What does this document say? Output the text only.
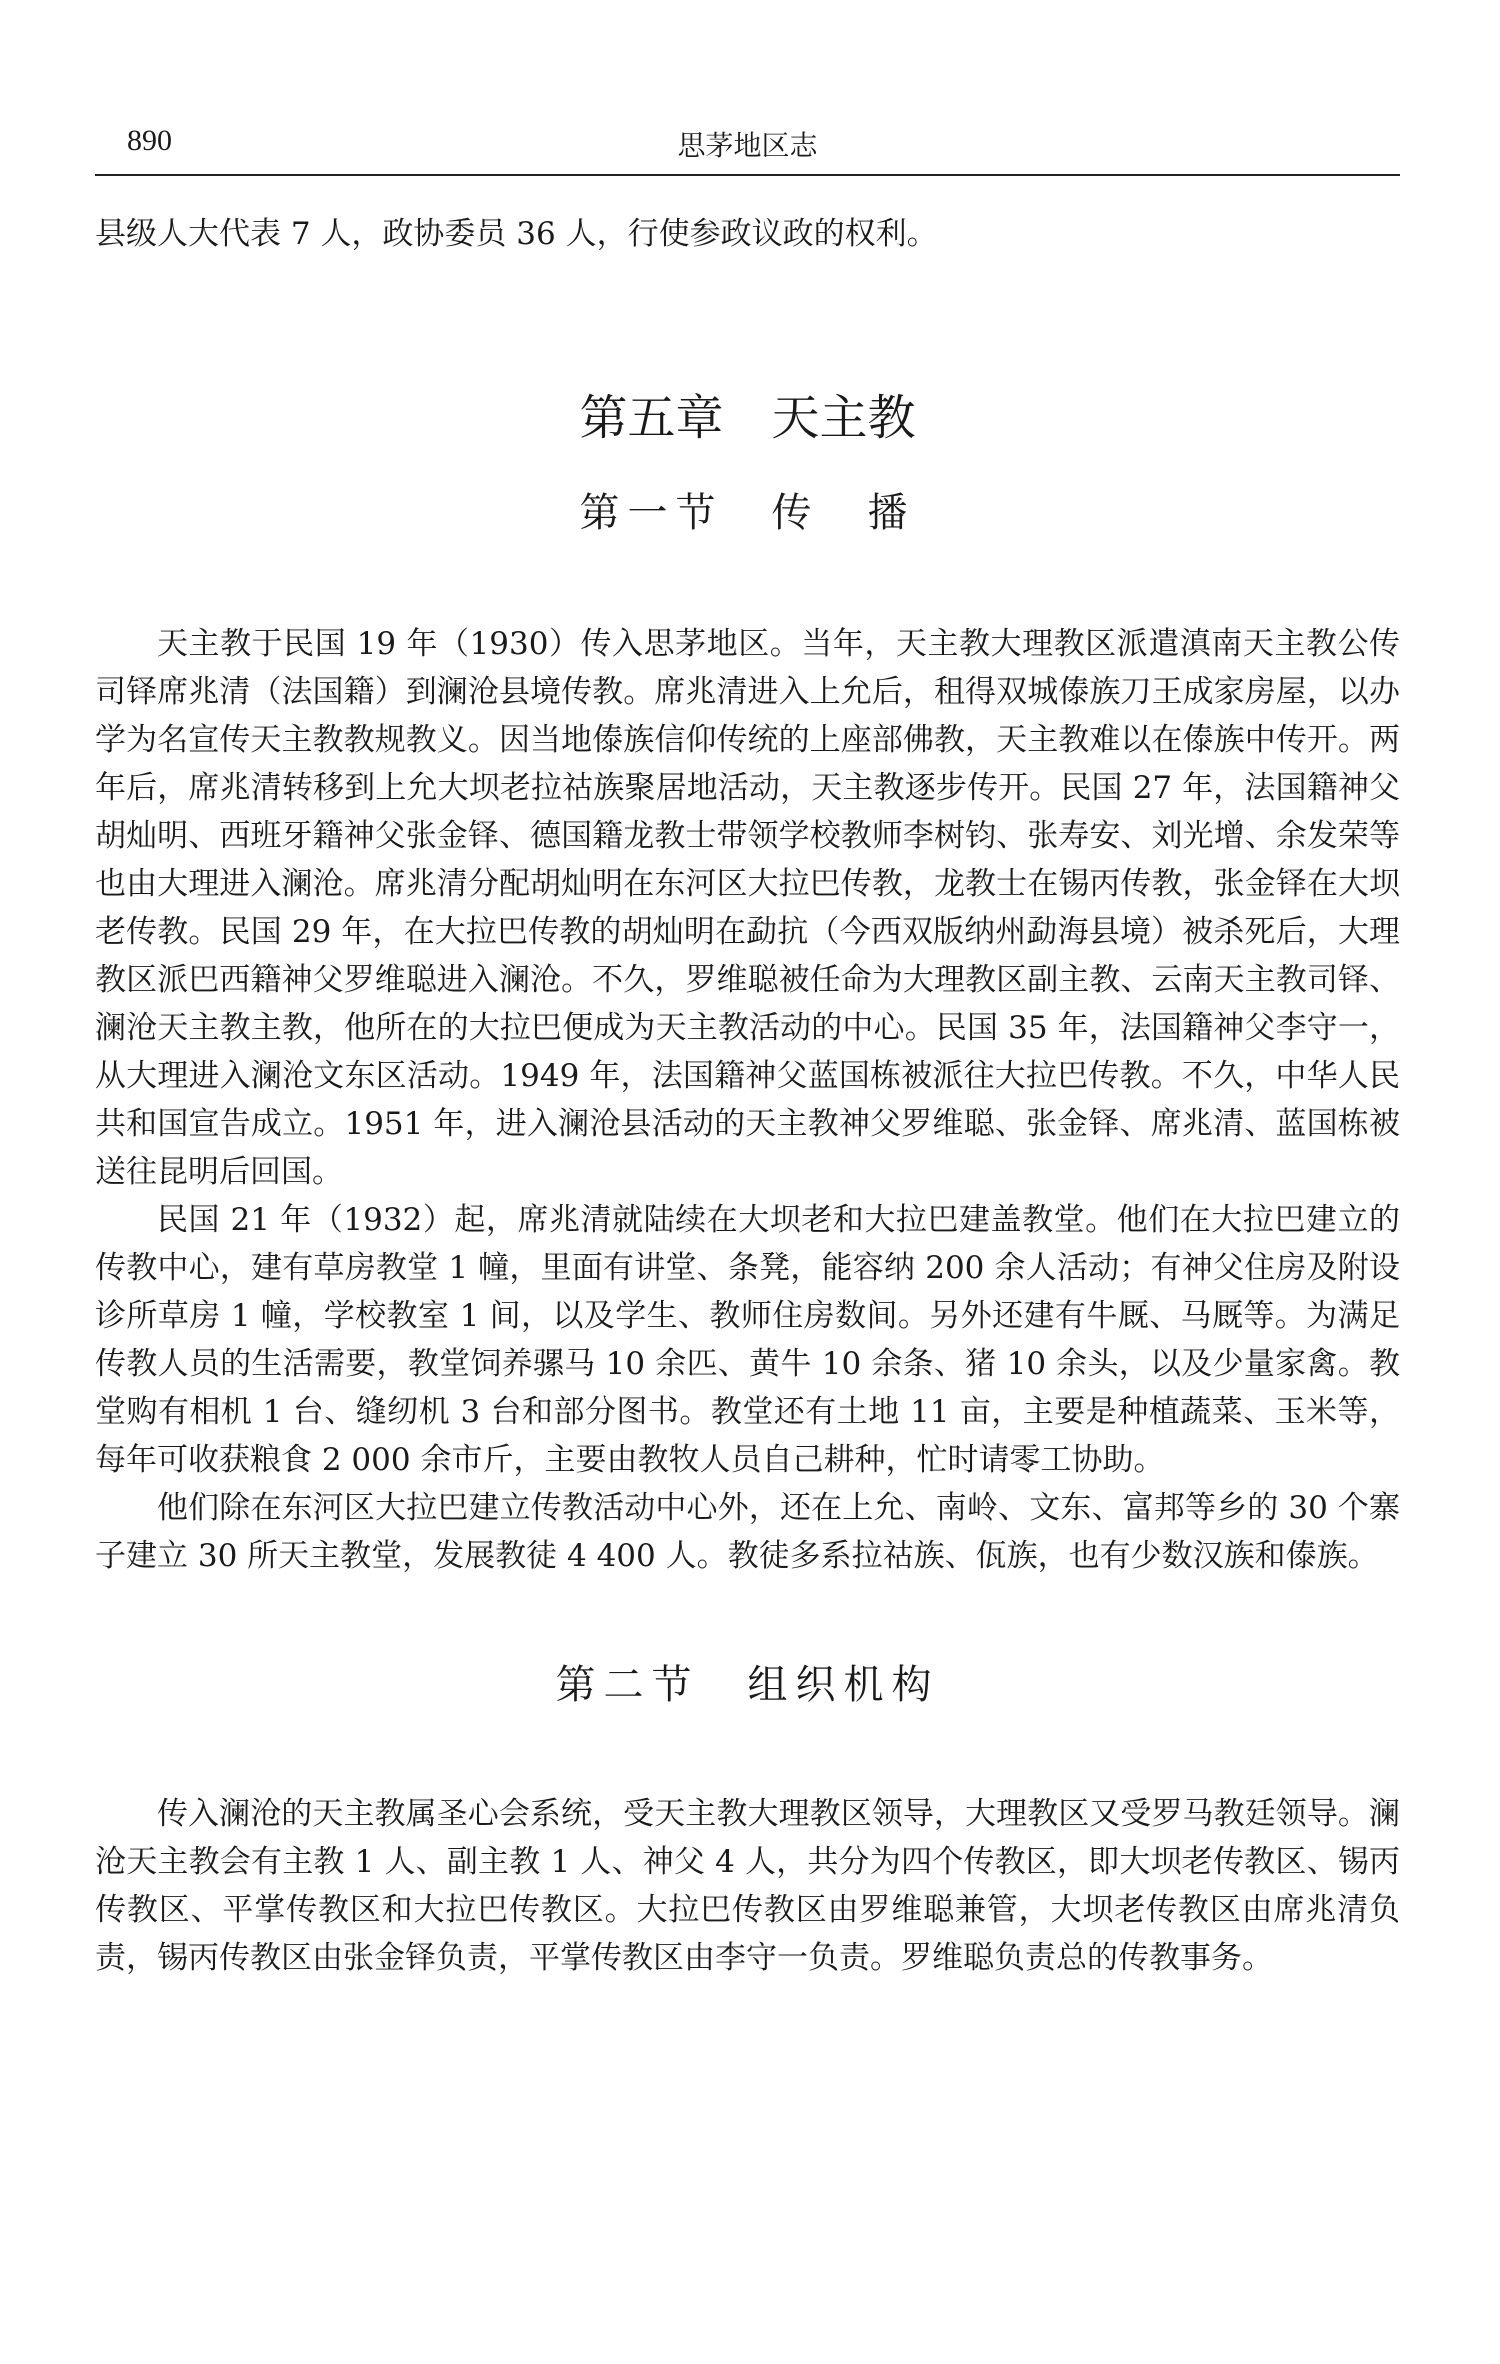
890	思茅地区志

县级人大代表 7 人，政协委员 36 人，行使参政议政的权利。

第五章　天主教
第一节　传　播

天主教于民国 19 年（1930）传入思茅地区。当年，天主教大理教区派遣滇南天主教公传司铎席兆清（法国籍）到澜沧县境传教。席兆清进入上允后，租得双城傣族刀王成家房屋，以办学为名宣传天主教教规教义。因当地傣族信仰传统的上座部佛教，天主教难以在傣族中传开。两年后，席兆清转移到上允大坝老拉祜族聚居地活动，天主教逐步传开。民国 27 年，法国籍神父胡灿明、西班牙籍神父张金铎、德国籍龙教士带领学校教师李树钧、张寿安、刘光增、余发荣等也由大理进入澜沧。席兆清分配胡灿明在东河区大拉巴传教，龙教士在锡丙传教，张金铎在大坝老传教。民国 29 年，在大拉巴传教的胡灿明在勐抗（今西双版纳州勐海县境）被杀死后，大理教区派巴西籍神父罗维聪进入澜沧。不久，罗维聪被任命为大理教区副主教、云南天主教司铎、澜沧天主教主教，他所在的大拉巴便成为天主教活动的中心。民国 35 年，法国籍神父李守一，从大理进入澜沧文东区活动。1949 年，法国籍神父蓝国栋被派往大拉巴传教。不久，中华人民共和国宣告成立。1951 年，进入澜沧县活动的天主教神父罗维聪、张金铎、席兆清、蓝国栋被送往昆明后回国。

民国 21 年（1932）起，席兆清就陆续在大坝老和大拉巴建盖教堂。他们在大拉巴建立的传教中心，建有草房教堂 1 幢，里面有讲堂、条凳，能容纳 200 余人活动；有神父住房及附设诊所草房 1 幢，学校教室 1 间，以及学生、教师住房数间。另外还建有牛厩、马厩等。为满足传教人员的生活需要，教堂饲养骡马 10 余匹、黄牛 10 余条、猪 10 余头，以及少量家禽。教堂购有相机 1 台、缝纫机 3 台和部分图书。教堂还有土地 11 亩，主要是种植蔬菜、玉米等，每年可收获粮食 2 000 余市斤，主要由教牧人员自己耕种，忙时请零工协助。

他们除在东河区大拉巴建立传教活动中心外，还在上允、南岭、文东、富邦等乡的 30 个寨子建立 30 所天主教堂，发展教徒 4 400 人。教徒多系拉祜族、佤族，也有少数汉族和傣族。

第二节　组织机构

传入澜沧的天主教属圣心会系统，受天主教大理教区领导，大理教区又受罗马教廷领导。澜沧天主教会有主教 1 人、副主教 1 人、神父 4 人，共分为四个传教区，即大坝老传教区、锡丙传教区、平掌传教区和大拉巴传教区。大拉巴传教区由罗维聪兼管，大坝老传教区由席兆清负责，锡丙传教区由张金铎负责，平掌传教区由李守一负责。罗维聪负责总的传教事务。
